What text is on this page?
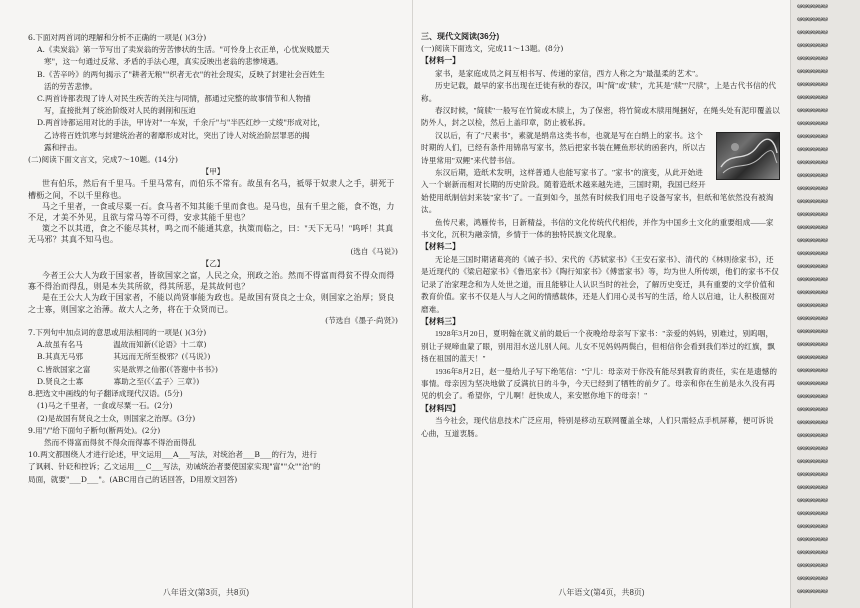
6.下面对两首词的理解和分析不正确的一项是( )(3分)

A.《卖炭翁》第一节写出了卖炭翁的劳苦惨状的生活。"可怜身上衣正单，心忧炭贱愿天

寒"，这一句通过反常、矛盾的手法心理，真实反映出老翁的悲惨境遇。

B.《苦辛吟》的两句揭示了"耕者无粮""织者无衣"的社会现实，反映了封建社会百姓生

活的劳苦悲惨。

C.两首诗都表现了诗人对民生疾苦的关注与同情，都通过完整的故事情节和人物描

写，直接批判了统治阶级对人民的剥削和压迫

D.两首诗都运用对比的手法，甲诗对"一车炭，千余斤"与"半匹红纱一丈绫"形成对比，

乙诗将百姓饥寒与封建统治者的奢靡形成对比，突出了诗人对统治阶层罪恶的揭

露和抨击。

(二)阅读下面文言文，完成7～10题。(14分)

【甲】

世有伯乐，然后有千里马。千里马常有，而伯乐不常有。故虽有名马，祗辱于奴隶人之手，骈死于槽枥之间，不以千里称也。

马之千里者，一食或尽粟一石。食马者不知其能千里而食也。是马也，虽有千里之能，食不饱，力不足，才美不外见，且欲与常马等不可得，安求其能千里也？

策之不以其道，食之不能尽其材，鸣之而不能通其意，执策而临之，曰："天下无马！"呜呼！其真无马邪？其真不知马也。

(选自《马说》)

【乙】

今者王公大人为政于国家者，皆欲国家之富，人民之众，刑政之治。然而不得富而得贫不得众而得寡不得治而得乱，则是本失其所欲，得其所恶，是其故何也？

是在王公大人为政于国家者，不能以尚贤事能为政也。是故国有贤良之士众，则国家之治厚；贤良之士寡，则国家之治薄。故大人之务，将在于众贤而已。

(节选自《墨子·尚贤》)

7.下列句中加点词的意思或用法相同的一项是( )(3分)

A.故虽有名马　　　　温故而知新(《论语》十二章)

B.其真无马邪　　　　其远而无所至极邪？(《马说》)

C.皆欲国家之富　　　实是欲界之仙都(《答谢中书书》)

D.贤良之士寡　　　　寡助之至(《〈孟子〉三章》)

8.把选文中画线的句子翻译成现代汉语。(5分)

(1)马之千里者，一食或尽粟一石。(2分)

(2)是故国有贤良之士众，则国家之治厚。(3分)

9.用"/"给下面句子断句(断两处)。(2分)

然而不得富而得贫不得众而得寡不得治而得乱

10.两文都围绕人才进行论述，甲文运用___A___写法，对统治者___B___的行为，进行

了讽刺、针砭和控诉；乙文运用___C___写法，劝诫统治者要使国家实现"富""众""治"的

局面，就要"___D___"。(ABC用自己的话回答，D用原文回答)

八年语文(第3页，共8页)

三、现代文阅读(36分)

(一)阅读下面选文，完成11～13题。(8分)

【材料一】

家书，是家庭成员之间互相书写、传递的家信，西方人称之为"最温柔的艺术"。

历史记载，最早的家书出现在迁徙有秋的春汉，叫"简"或"牍"，尤其是"牍""尺牍"，上是古代书信的代称。

春汉时候，"简牍"一般写在竹简或木牍上，为了保密，将竹简或木牍用绳捆好，在绳头处有泥印覆盖以防外人，封之以检，然后上盖印章，防止被私拆。

汉以后，有了"尺素书"，素就是绢帛这类书布，也就是写在白绢上的家书。这个时期的人们，已经有条件用锦帛写家书，然后把家书装在鲤鱼形状的函套内，所以古诗里常用"双鲤"来代替书信。

东汉后期，造纸术发明，这样普通人也能写家书了。"家书"的演变，从此开始进入一个崭新而相对长期的历史阶段。随着造纸术越来越先进，三国时期，我国已经开始使用纸制信封来装"家书"了。一直到如今，虽然有时候我们用电子设备写家书，但纸和笔依然没有被淘汰。

鱼传尺素，鸿雁传书，日新精益，书信的文化传统代代相传，并作为中国乡土文化的重要组成——家书文化，沉积为融亲情，乡情于一体的独特民族文化现象。

【材料二】

无论是三国时期诸葛亮的《诫子书》、宋代的《苏轼家书》《王安石家书》、清代的《林则徐家书》，还是近现代的《梁启超家书》《鲁迅家书》《陶行知家书》《傅雷家书》等，均为世人所传颂，他们的家书不仅记录了治家理念和为人处世之道，而且能够让人认识当时的社会，了解历史变迁，具有重要的文学价值和教育价值。家书不仅是人与人之间的情感载体，还是人们用心灵书写的生活，给人以启迪，让人积极面对磨难。

【材料三】

1928年3月20日，夏明翰在就义前的最后一个夜晚给母亲写下家书："亲爱的妈妈，别难过，别呜咽，别让子规啼血蒙了眼，别用泪水送儿别人间。儿女不见妈妈两鬓白，但相信你会看到我们举过的红旗，飘扬在祖国的蓝天！"

1936年8月2日，赵一曼给儿子写下绝笔信："宁儿：母亲对于你没有能尽到教育的责任，实在是遗憾的事情。母亲因为坚决地做了反满抗日的斗争，今天已经到了牺牲的前夕了。母亲和你在生前是永久没有再见的机会了。希望你，宁儿啊！赶快成人，来安慰你地下的母亲！"

【材料四】

当今社会，现代信息技术广泛应用，特别是移动互联网覆盖全球，人们只需轻点手机屏幕，便可诉说心曲，互道衷肠。

八年语文(第4页，共8页)
ఆఆఆఆఆఆ
ఆఆఆఆఆఆ
ఆఆఆఆఆఆ
ఆఆఆఆఆఆ
ఆఆఆఆఆఆ
ఆఆఆఆఆఆ
ఆఆఆఆఆఆ
ఆఆఆఆఆఆ
ఆఆఆఆఆఆ
ఆఆఆఆఆఆ
ఆఆఆఆఆఆ
ఆఆఆఆఆఆ
ఆఆఆఆఆఆ
ఆఆఆఆఆఆ
ఆఆఆఆఆఆ
ఆఆఆఆఆఆ
ఆఆఆఆఆఆ
ఆఆఆఆఆఆ
ఆఆఆఆఆఆ
ఆఆఆఆఆఆ
ఆఆఆఆఆఆ
ఆఆఆఆఆఆ
ఆఆఆఆఆఆ
ఆఆఆఆఆఆ
ఆఆఆఆఆఆ
ఆఆఆఆఆఆ
ఆఆఆఆఆఆ
ఆఆఆఆఆఆ
ఆఆఆఆఆఆ
ఆఆఆఆఆఆ
ఆఆఆఆఆఆ
ఆఆఆఆఆఆ
ఆఆఆఆఆఆ
ఆఆఆఆఆఆ
ఆఆఆఆఆఆ
ఆఆఆఆఆఆ
ఆఆఆఆఆఆ
ఆఆఆఆఆఆ
ఆఆఆఆఆఆ
ఆఆఆఆఆఆ
ఆఆఆఆఆఆ
ఆఆఆఆఆఆ
ఆఆఆఆఆఆ
ఆఆఆఆఆఆ
ఆఆఆఆఆఆ
ఆఆఆఆఆఆ
